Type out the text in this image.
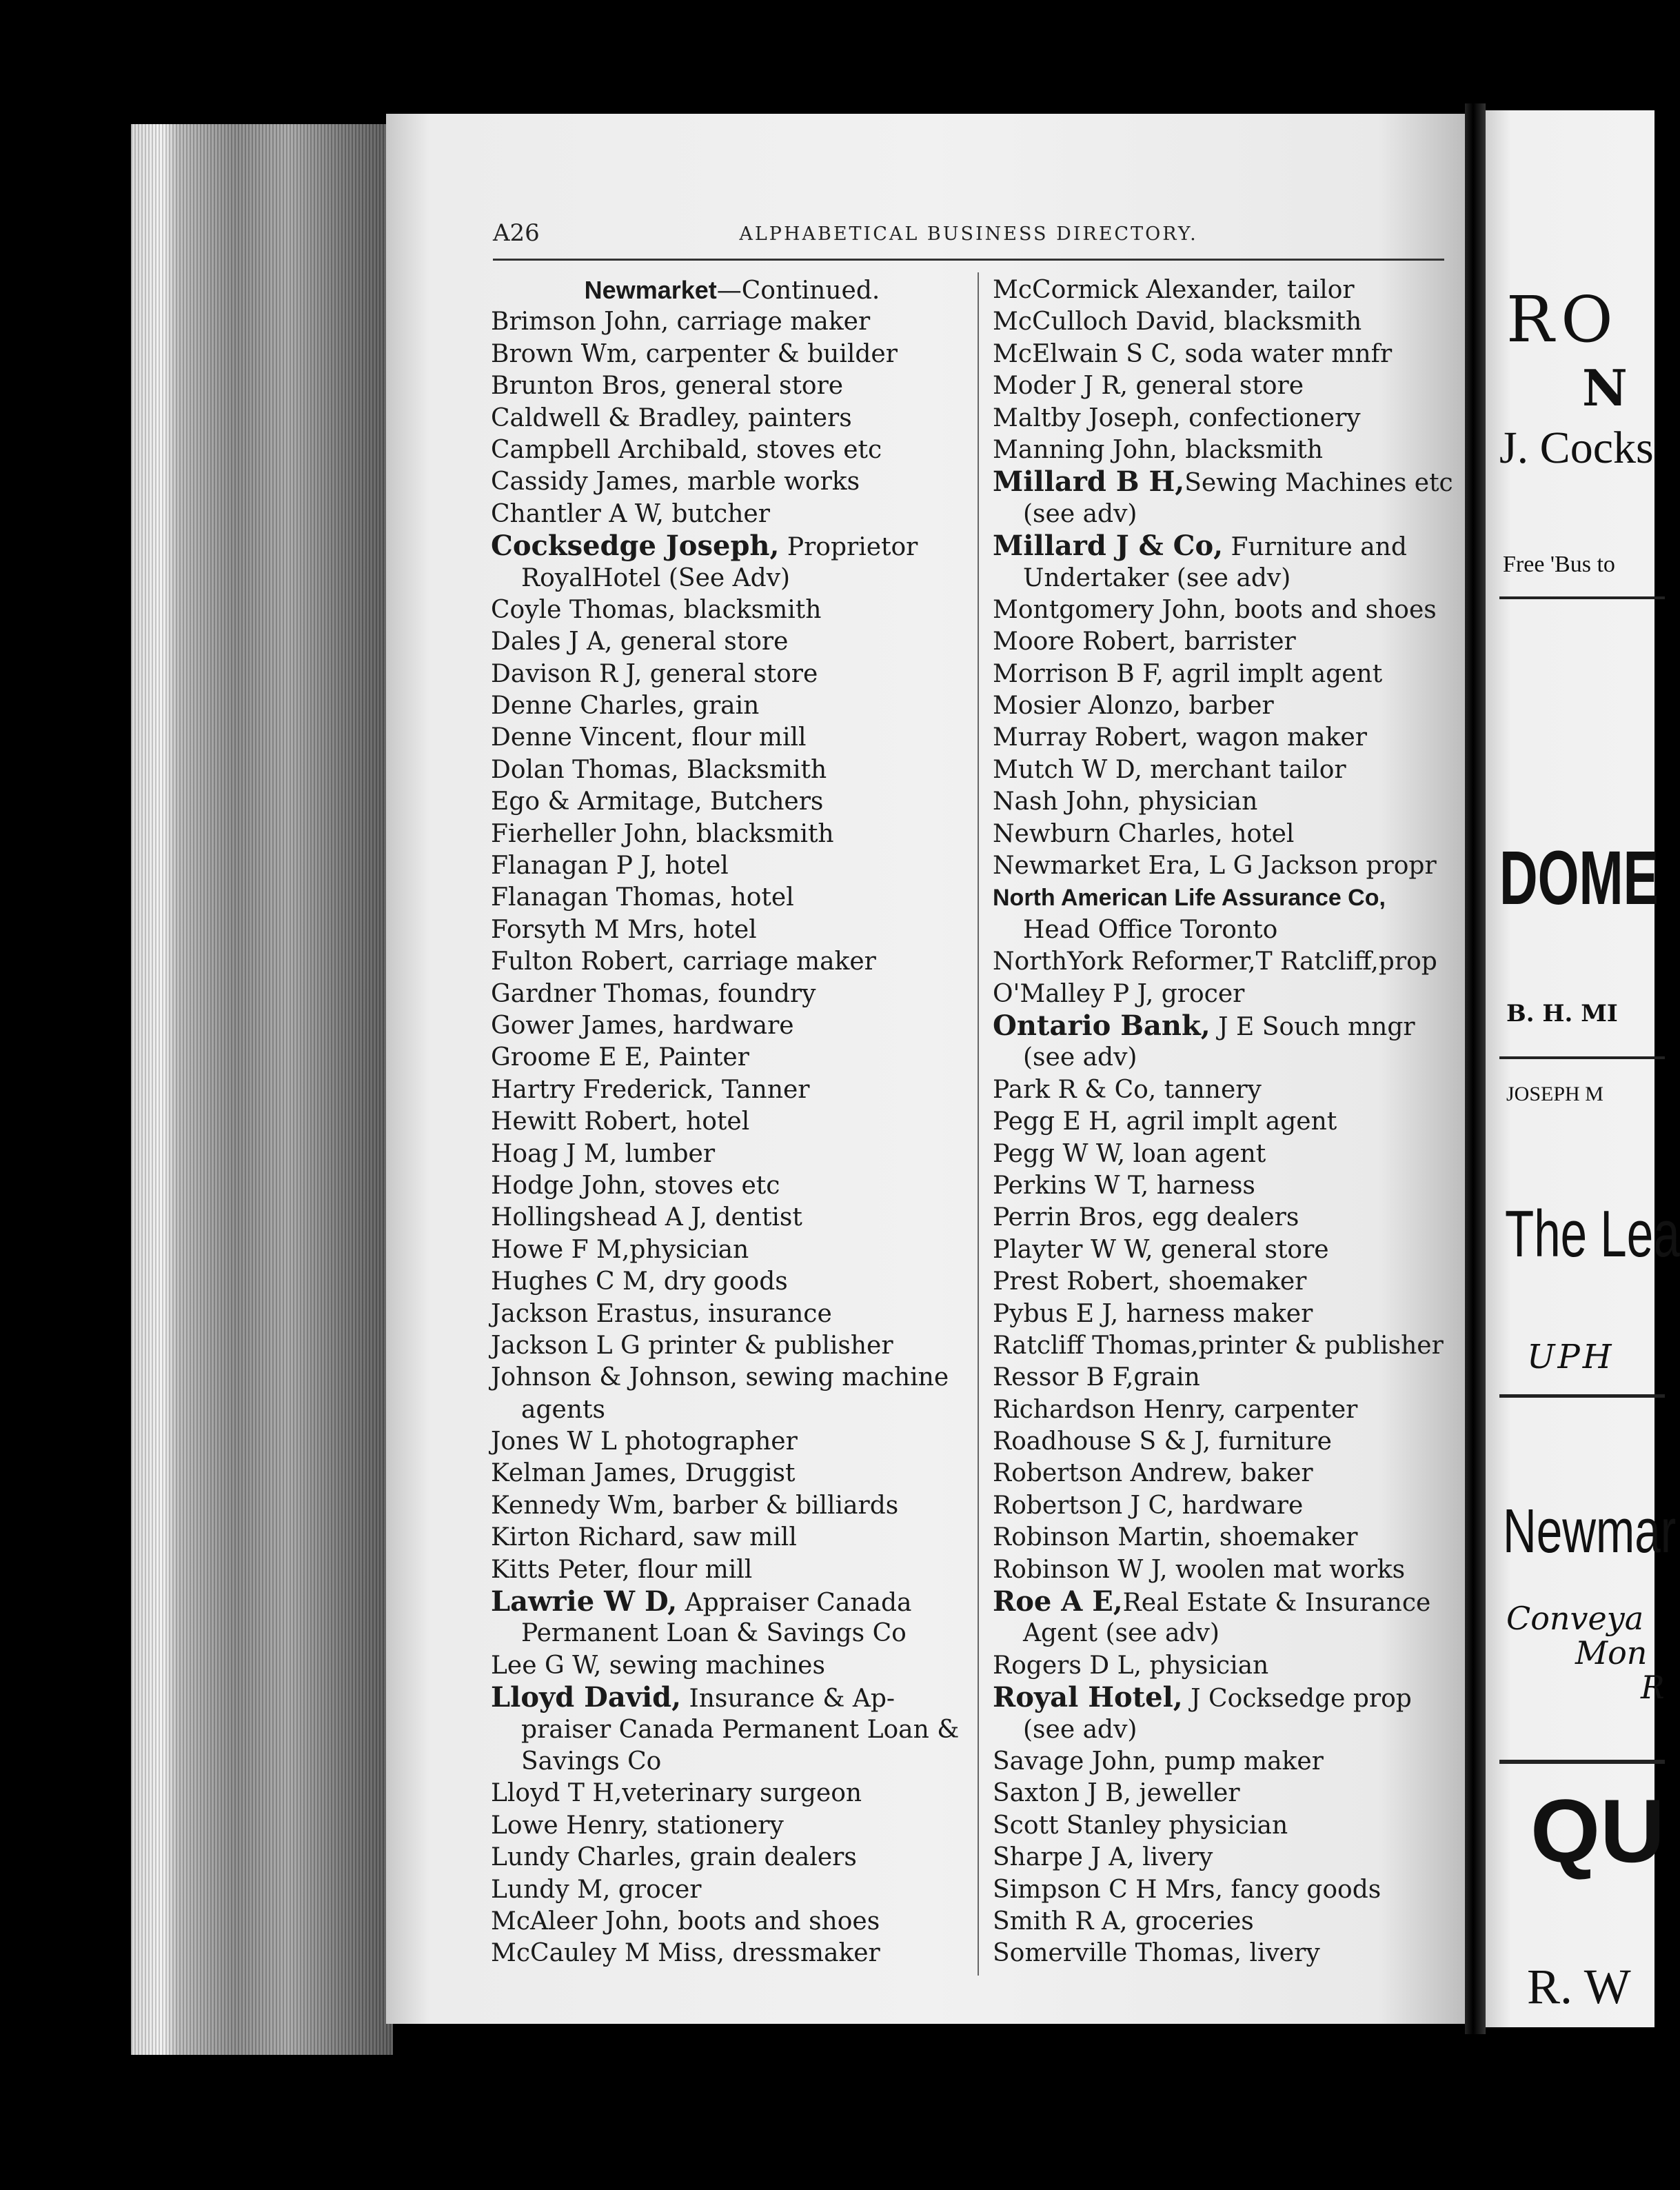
A26	ALPHABETICAL BUSINESS DIRECTORY.
Newmarket—Continued.
Brimson John, carriage maker
Brown Wm, carpenter & builder
Brunton Bros, general store
Caldwell & Bradley, painters
Campbell Archibald, stoves etc
Cassidy James, marble works
Chantler A W, butcher
Cocksedge Joseph, Proprietor
RoyalHotel (See Adv)
Coyle Thomas, blacksmith
Dales J A, general store
Davison R J, general store
Denne Charles, grain
Denne Vincent, flour mill
Dolan Thomas, Blacksmith
Ego & Armitage, Butchers
Fierheller John, blacksmith
Flanagan P J, hotel
Flanagan Thomas, hotel
Forsyth M Mrs, hotel
Fulton Robert, carriage maker
Gardner Thomas, foundry
Gower James, hardware
Groome E E, Painter
Hartry Frederick, Tanner
Hewitt Robert, hotel
Hoag J M, lumber
Hodge John, stoves etc
Hollingshead A J, dentist
Howe F M,physician
Hughes C M, dry goods
Jackson Erastus, insurance
Jackson L G printer & publisher
Johnson & Johnson, sewing machine
agents
Jones W L photographer
Kelman James, Druggist
Kennedy Wm, barber & billiards
Kirton Richard, saw mill
Kitts Peter, flour mill
Lawrie W D, Appraiser Canada
Permanent Loan & Savings Co
Lee G W, sewing machines
Lloyd David, Insurance & Ap-
praiser Canada Permanent Loan &
Savings Co
Lloyd T H,veterinary surgeon
Lowe Henry, stationery
Lundy Charles, grain dealers
Lundy M, grocer
McAleer John, boots and shoes
McCauley M Miss, dressmaker
McCormick Alexander, tailor
McCulloch David, blacksmith
McElwain S C, soda water mnfr
Moder J R, general store
Maltby Joseph, confectionery
Manning John, blacksmith
Millard B H,Sewing Machines etc
(see adv)
Millard J & Co, Furniture and
Undertaker (see adv)
Montgomery John, boots and shoes
Moore Robert, barrister
Morrison B F, agril implt agent
Mosier Alonzo, barber
Murray Robert, wagon maker
Mutch W D, merchant tailor
Nash John, physician
Newburn Charles, hotel
Newmarket Era, L G Jackson propr
North American Life Assurance Co,
Head Office Toronto
NorthYork Reformer,T Ratcliff,prop
O'Malley P J, grocer
Ontario Bank, J E Souch mngr
(see adv)
Park R & Co, tannery
Pegg E H, agril implt agent
Pegg W W, loan agent
Perkins W T, harness
Perrin Bros, egg dealers
Playter W W, general store
Prest Robert, shoemaker
Pybus E J, harness maker
Ratcliff Thomas,printer & publisher
Ressor B F,grain
Richardson Henry, carpenter
Roadhouse S & J, furniture
Robertson Andrew, baker
Robertson J C, hardware
Robinson Martin, shoemaker
Robinson W J, woolen mat works
Roe A E,Real Estate & Insurance
Agent (see adv)
Rogers D L, physician
Royal Hotel, J Cocksedge prop
(see adv)
Savage John, pump maker
Saxton J B, jeweller
Scott Stanley physician
Sharpe J A, livery
Simpson C H Mrs, fancy goods
Smith R A, groceries
Somerville Thomas, livery
RO
N
J. Cocks
Free 'Bus to
DOME
B. H. MI
JOSEPH M
The Lea
UPH
Newmar
Conveya
Mon
R
QU
R. W
